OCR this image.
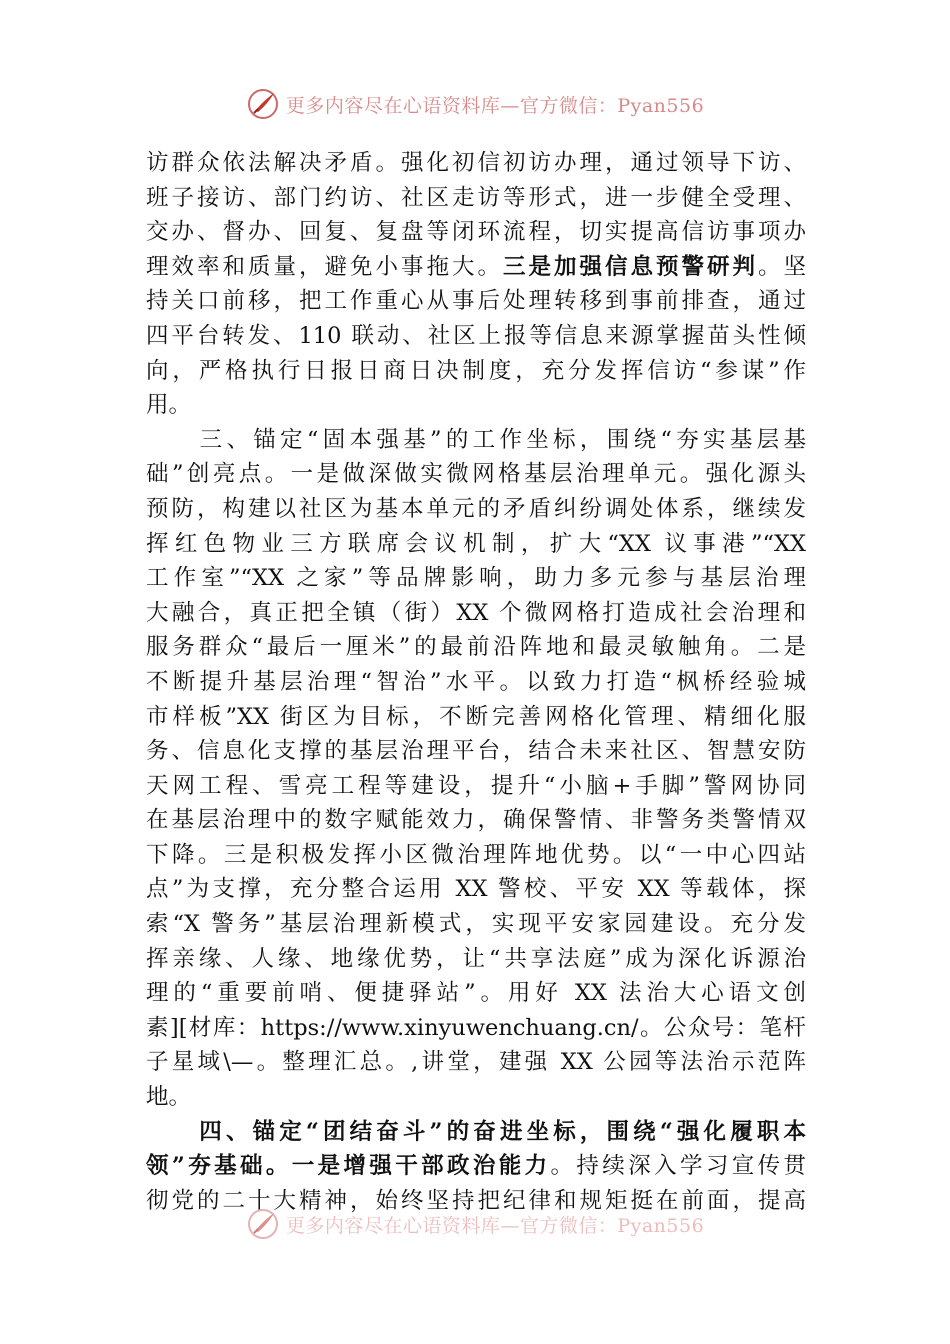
更多内容尽在心语资料库—官方微信：Pyan556
访群众依法解决矛盾。强化初信初访办理，通过领导下访、
班子接访、部门约访、社区走访等形式，进一步健全受理、
交办、督办、回复、复盘等闭环流程，切实提高信访事项办
理效率和质量，避免小事拖大。三是加强信息预警研判。坚
持关口前移，把工作重心从事后处理转移到事前排查，通过
四平台转发、110 联动、社区上报等信息来源掌握苗头性倾
向，严格执行日报日商日决制度，充分发挥信访“参谋”作
用。
　　三、锚定“固本强基”的工作坐标，围绕“夯实基层基
础”创亮点。一是做深做实微网格基层治理单元。强化源头
预防，构建以社区为基本单元的矛盾纠纷调处体系，继续发
挥红色物业三方联席会议机制，扩大“XX 议事港”“XX
工作室”“XX 之家”等品牌影响，助力多元参与基层治理
大融合，真正把全镇（街）XX 个微网格打造成社会治理和
服务群众“最后一厘米”的最前沿阵地和最灵敏触角。二是
不断提升基层治理“智治”水平。以致力打造“枫桥经验城
市样板”XX 街区为目标，不断完善网格化管理、精细化服
务、信息化支撑的基层治理平台，结合未来社区、智慧安防
天网工程、雪亮工程等建设，提升“小脑+手脚”警网协同
在基层治理中的数字赋能效力，确保警情、非警务类警情双
下降。三是积极发挥小区微治理阵地优势。以“一中心四站
点”为支撑，充分整合运用 XX 警校、平安 XX 等载体，探
索“X 警务”基层治理新模式，实现平安家园建设。充分发
挥亲缘、人缘、地缘优势，让“共享法庭”成为深化诉源治
理的“重要前哨、便捷驿站”。用好 XX 法治大心语文创
素][材库：https://www.xinyuwenchuang.cn/。公众号：笔杆
子星域\—。整理汇总。,讲堂，建强 XX 公园等法治示范阵
地。
　　四、锚定“团结奋斗”的奋进坐标，围绕“强化履职本
领”夯基础。一是增强干部政治能力。持续深入学习宣传贯
彻党的二十大精神，始终坚持把纪律和规矩挺在前面，提高
更多内容尽在心语资料库—官方微信：Pyan556
